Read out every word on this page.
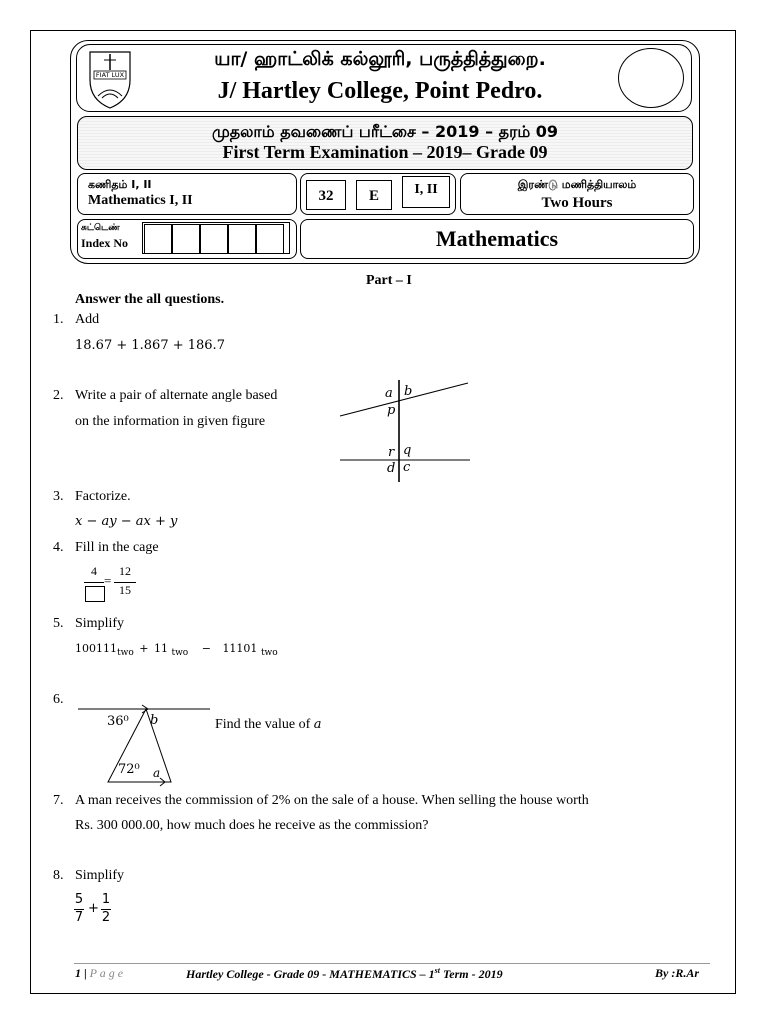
FIAT LUX
யா/ ஹாட்லிக் கல்லூரி, பருத்தித்துறை.
J/ Hartley College, Point Pedro.
முதலாம் தவணைப் பரீட்சை – 2019 – தரம் 09
First Term Examination – 2019– Grade 09
கணிதம் I, II
Mathematics I, II	32	E	I, II	இரண்டு மணித்தியாலம்
Two Hours
சுட்டெண்
Index No	Mathematics
Part – I
Answer the all questions.
1. Add
18.67 + 1.867 + 186.7
2. Write a pair of alternate angle based
on the information in given figure
a b
p
r q
d c
3. Factorize.
x − ay − ax + y
4. Fill in the cage
4
=
12
15
5. Simplify
$100111_{two} + 11$ $_{two}$ − 11101 $_{two}$
6.
36⁰ b
72⁰ a
Find the value of a
7. A man receives the commission of 2% on the sale of a house. When selling the house worth
Rs. 300 000.00, how much does he receive as the commission?
8. Simplify
5
7
+
1
2
1 | P a g e	Hartley College - Grade 09 - MATHEMATICS – 1st Term - 2019	By :R.Ar
